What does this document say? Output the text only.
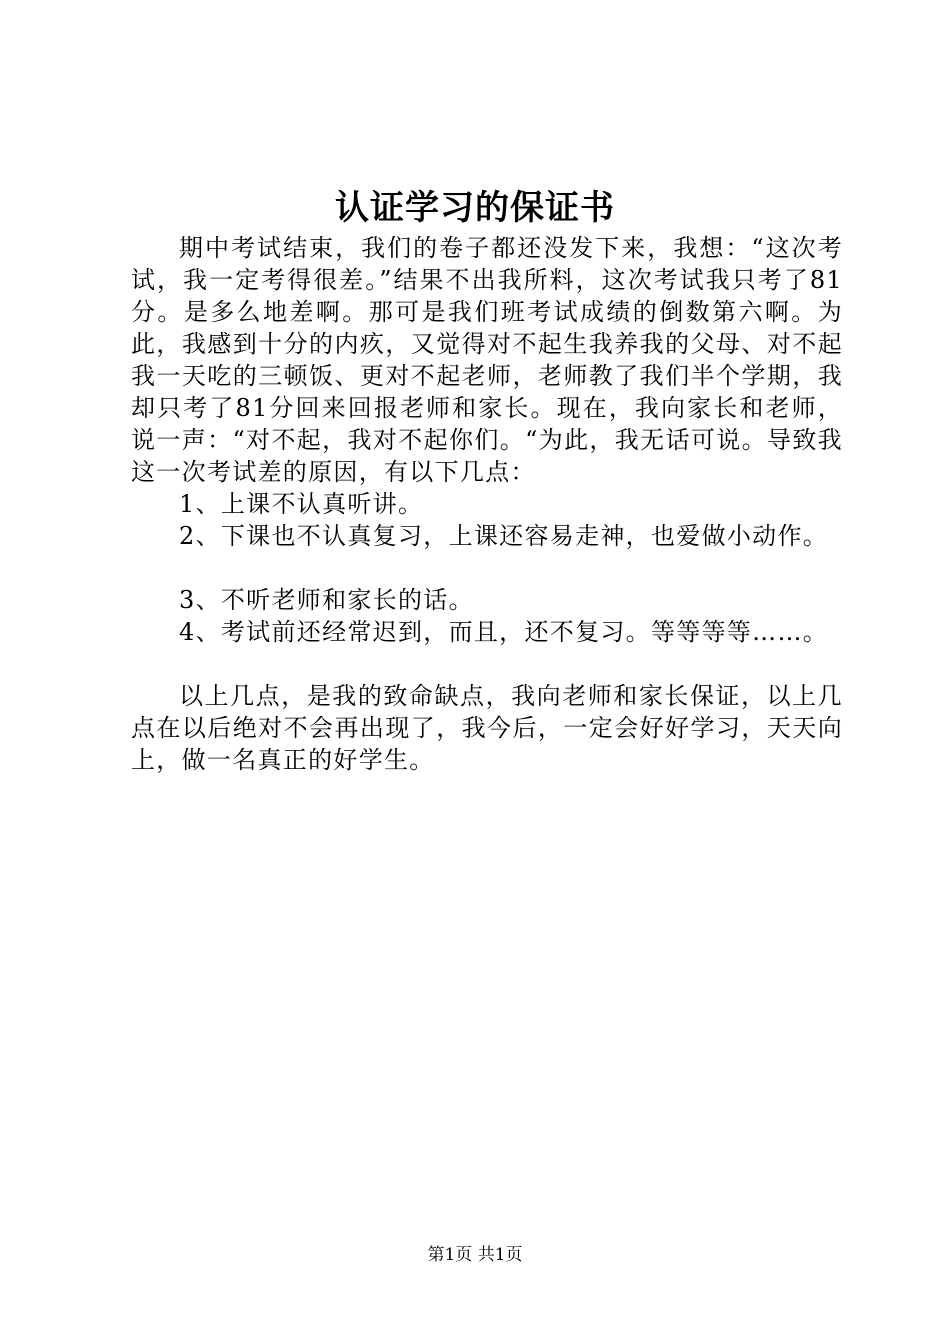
认证学习的保证书

期中考试结束，我们的卷子都还没发下来，我想：“这次考试，我一定考得很差。”结果不出我所料，这次考试我只考了81分。是多么地差啊。那可是我们班考试成绩的倒数第六啊。为此，我感到十分的内疚，又觉得对不起生我养我的父母、对不起我一天吃的三顿饭、更对不起老师，老师教了我们半个学期，我却只考了81分回来回报老师和家长。现在，我向家长和老师，说一声：“对不起，我对不起你们。“为此，我无话可说。导致我这一次考试差的原因，有以下几点：

1、上课不认真听讲。

2、下课也不认真复习，上课还容易走神，也爱做小动作。

3、不听老师和家长的话。

4、考试前还经常迟到，而且，还不复习。等等等等……。

以上几点，是我的致命缺点，我向老师和家长保证，以上几点在以后绝对不会再出现了，我今后，一定会好好学习，天天向上，做一名真正的好学生。

第1页 共1页
